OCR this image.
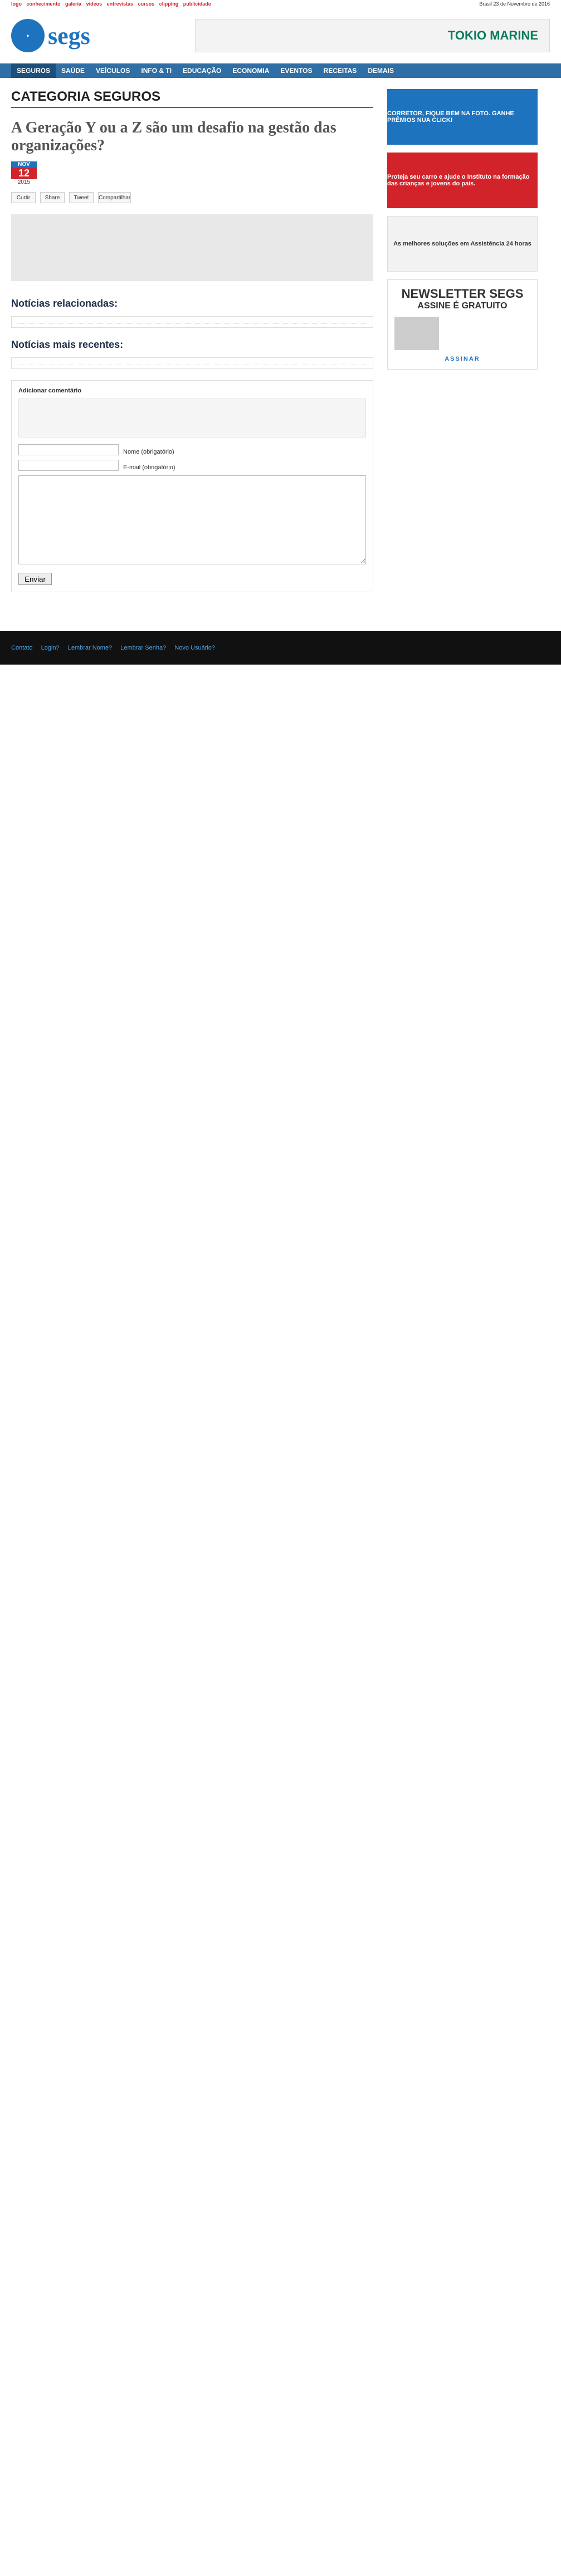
logo conhecimento galeria videos entrevistas cursos clipping publicidade	Brasil 23 de Novembro de 2016
• segs	TOKIO MARINE
SEGUROS	SAÚDE	VEÍCULOS	INFO & TI	EDUCAÇÃO	ECONOMIA	EVENTOS	RECEITAS	DEMAIS
CATEGORIA SEGUROS
A Geração Y ou a Z são um desafio na gestão das organizações?
NOV
12
2015
Curtir	Share	Tweet	Compartilhar

Notícias relacionadas:
Notícias mais recentes:
Adicionar comentário
Nome (obrigatório)
E-mail (obrigatório)
Enviar
CORRETOR, FIQUE BEM NA FOTO. GANHE PRÊMIOS NUA CLICK!
Proteja seu carro e ajude o Instituto na formação das crianças e jovens do país.
As melhores soluções em Assistência 24 horas
NEWSLETTER SEGS
ASSINE É GRATUITO
ASSINAR
Contato Login? Lembrar Nome? Lembrar Senha? Novo Usuário?
